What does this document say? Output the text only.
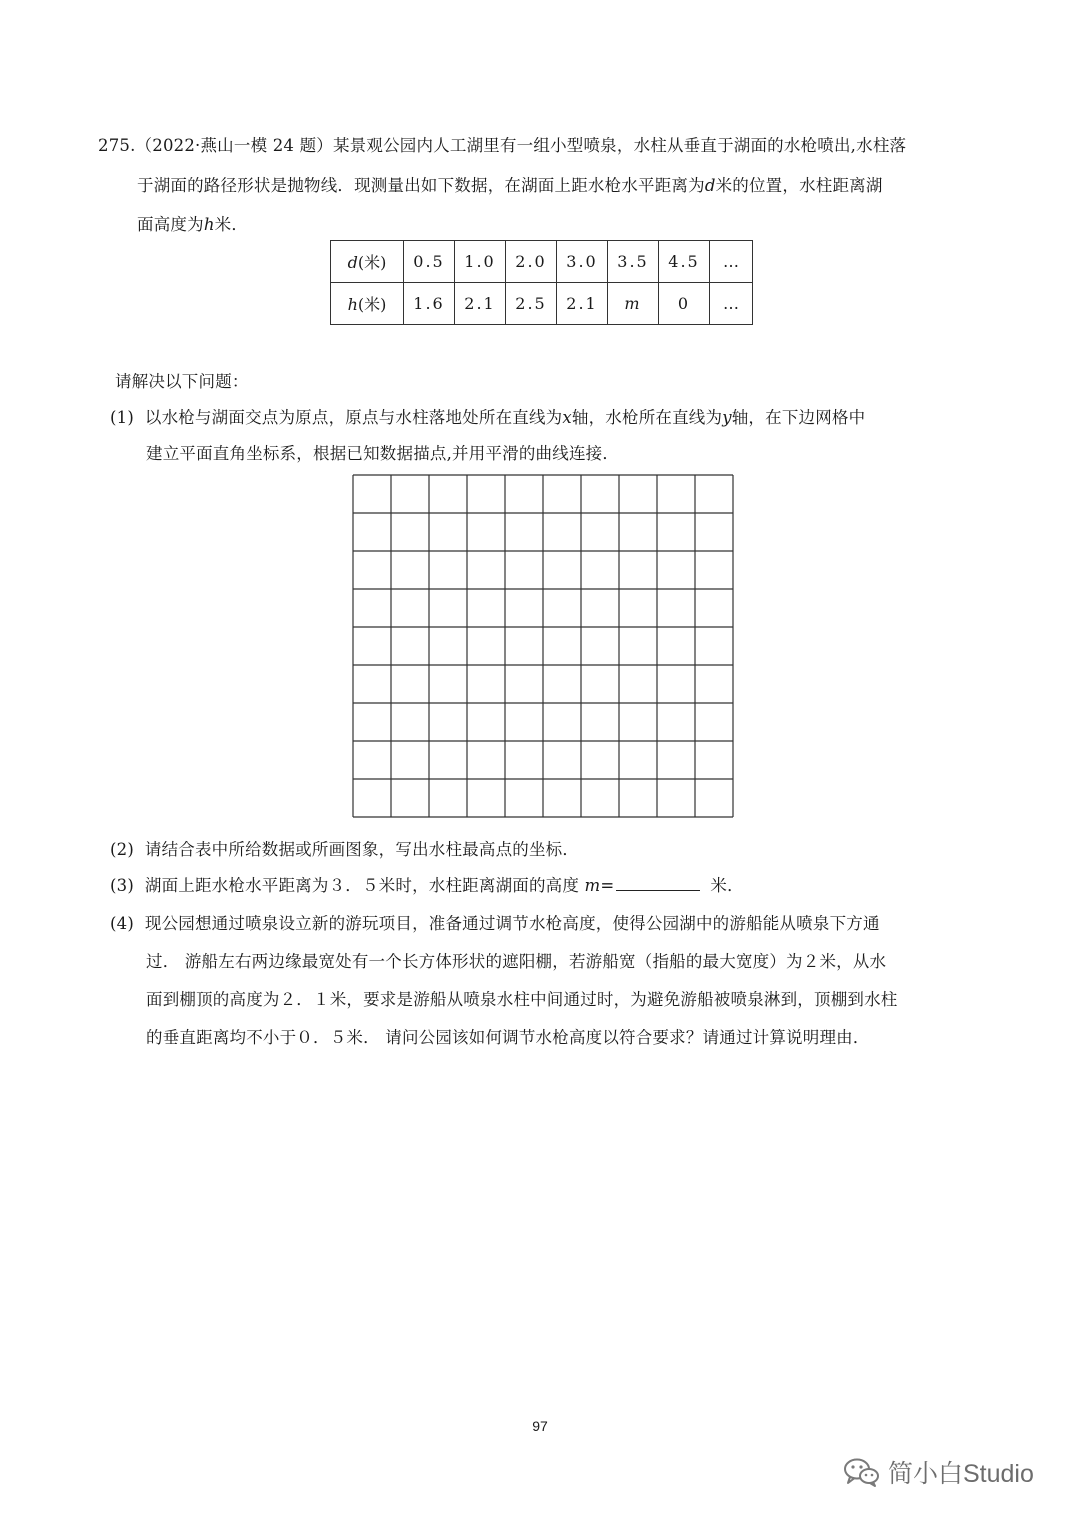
275.（2022·燕山一模 24 题）某景观公园内人工湖里有一组小型喷泉，水柱从垂直于湖面的水枪喷出,水柱落
于湖面的路径形状是抛物线．现测量出如下数据，在湖面上距水枪水平距离为d米的位置，水柱距离湖
面高度为h米．
d(米)	0.5	1.0	2.0	3.0	3.5	4.5	…
h(米)	1.6	2.1	2.5	2.1	m	0	…
请解决以下问题：
(1) 以水枪与湖面交点为原点，原点与水柱落地处所在直线为x轴，水枪所在直线为y轴，在下边网格中
建立平面直角坐标系，根据已知数据描点,并用平滑的曲线连接．
(2) 请结合表中所给数据或所画图象，写出水柱最高点的坐标．
(3) 湖面上距水枪水平距离为３．５米时，水柱距离湖面的高度 m=	米．
(4) 现公园想通过喷泉设立新的游玩项目，准备通过调节水枪高度，使得公园湖中的游船能从喷泉下方通
过． 游船左右两边缘最宽处有一个长方体形状的遮阳棚，若游船宽（指船的最大宽度）为２米，从水
面到棚顶的高度为２．１米，要求是游船从喷泉水柱中间通过时，为避免游船被喷泉淋到，顶棚到水柱
的垂直距离均不小于０．５米． 请问公园该如何调节水枪高度以符合要求？请通过计算说明理由．
97
简小白Studio
